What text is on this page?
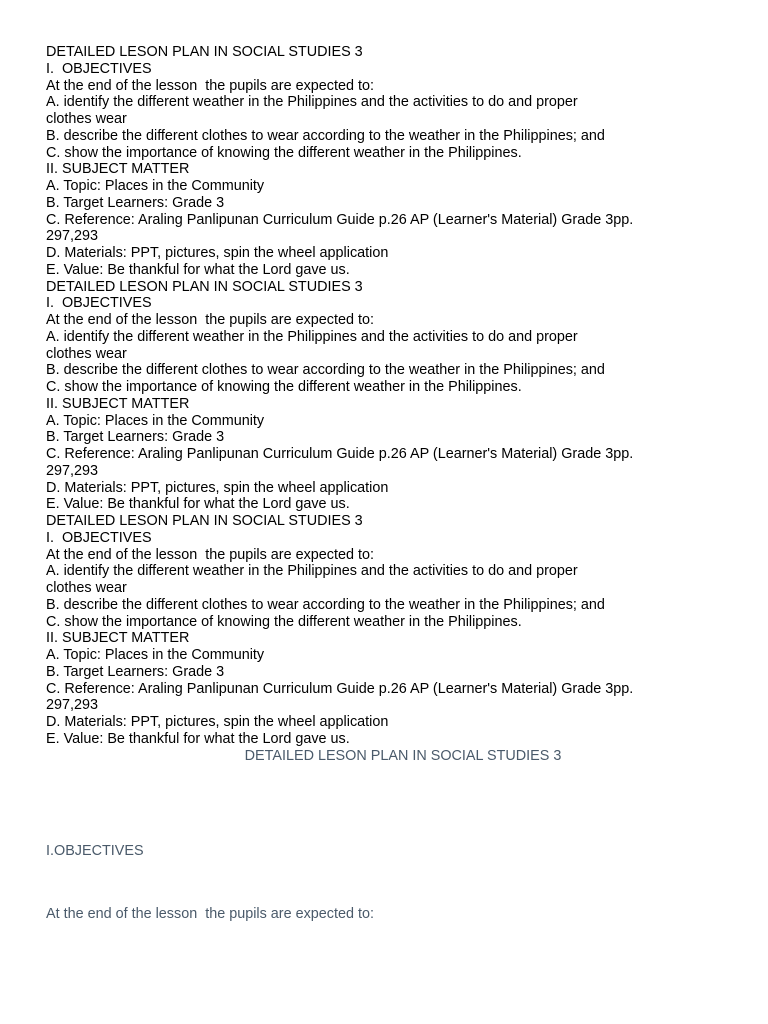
DETAILED LESON PLAN IN SOCIAL STUDIES 3

I.  OBJECTIVES

At the end of the lesson  the pupils are expected to:

A. identify the different weather in the Philippines and the activities to do and proper

clothes wear

B. describe the different clothes to wear according to the weather in the Philippines; and

C. show the importance of knowing the different weather in the Philippines.

II. SUBJECT MATTER

A. Topic: Places in the Community

B. Target Learners: Grade 3

C. Reference: Araling Panlipunan Curriculum Guide p.26 AP (Learner's Material) Grade 3pp.

297,293

D. Materials: PPT, pictures, spin the wheel application

E. Value: Be thankful for what the Lord gave us.

DETAILED LESON PLAN IN SOCIAL STUDIES 3

I.  OBJECTIVES

At the end of the lesson  the pupils are expected to:

A. identify the different weather in the Philippines and the activities to do and proper

clothes wear

B. describe the different clothes to wear according to the weather in the Philippines; and

C. show the importance of knowing the different weather in the Philippines.

II. SUBJECT MATTER

A. Topic: Places in the Community

B. Target Learners: Grade 3

C. Reference: Araling Panlipunan Curriculum Guide p.26 AP (Learner's Material) Grade 3pp.

297,293

D. Materials: PPT, pictures, spin the wheel application

E. Value: Be thankful for what the Lord gave us.

DETAILED LESON PLAN IN SOCIAL STUDIES 3

I.  OBJECTIVES

At the end of the lesson  the pupils are expected to:

A. identify the different weather in the Philippines and the activities to do and proper

clothes wear

B. describe the different clothes to wear according to the weather in the Philippines; and

C. show the importance of knowing the different weather in the Philippines.

II. SUBJECT MATTER

A. Topic: Places in the Community

B. Target Learners: Grade 3

C. Reference: Araling Panlipunan Curriculum Guide p.26 AP (Learner's Material) Grade 3pp.

297,293

D. Materials: PPT, pictures, spin the wheel application

E. Value: Be thankful for what the Lord gave us.

DETAILED LESON PLAN IN SOCIAL STUDIES 3
I.OBJECTIVES
At the end of the lesson  the pupils are expected to:
